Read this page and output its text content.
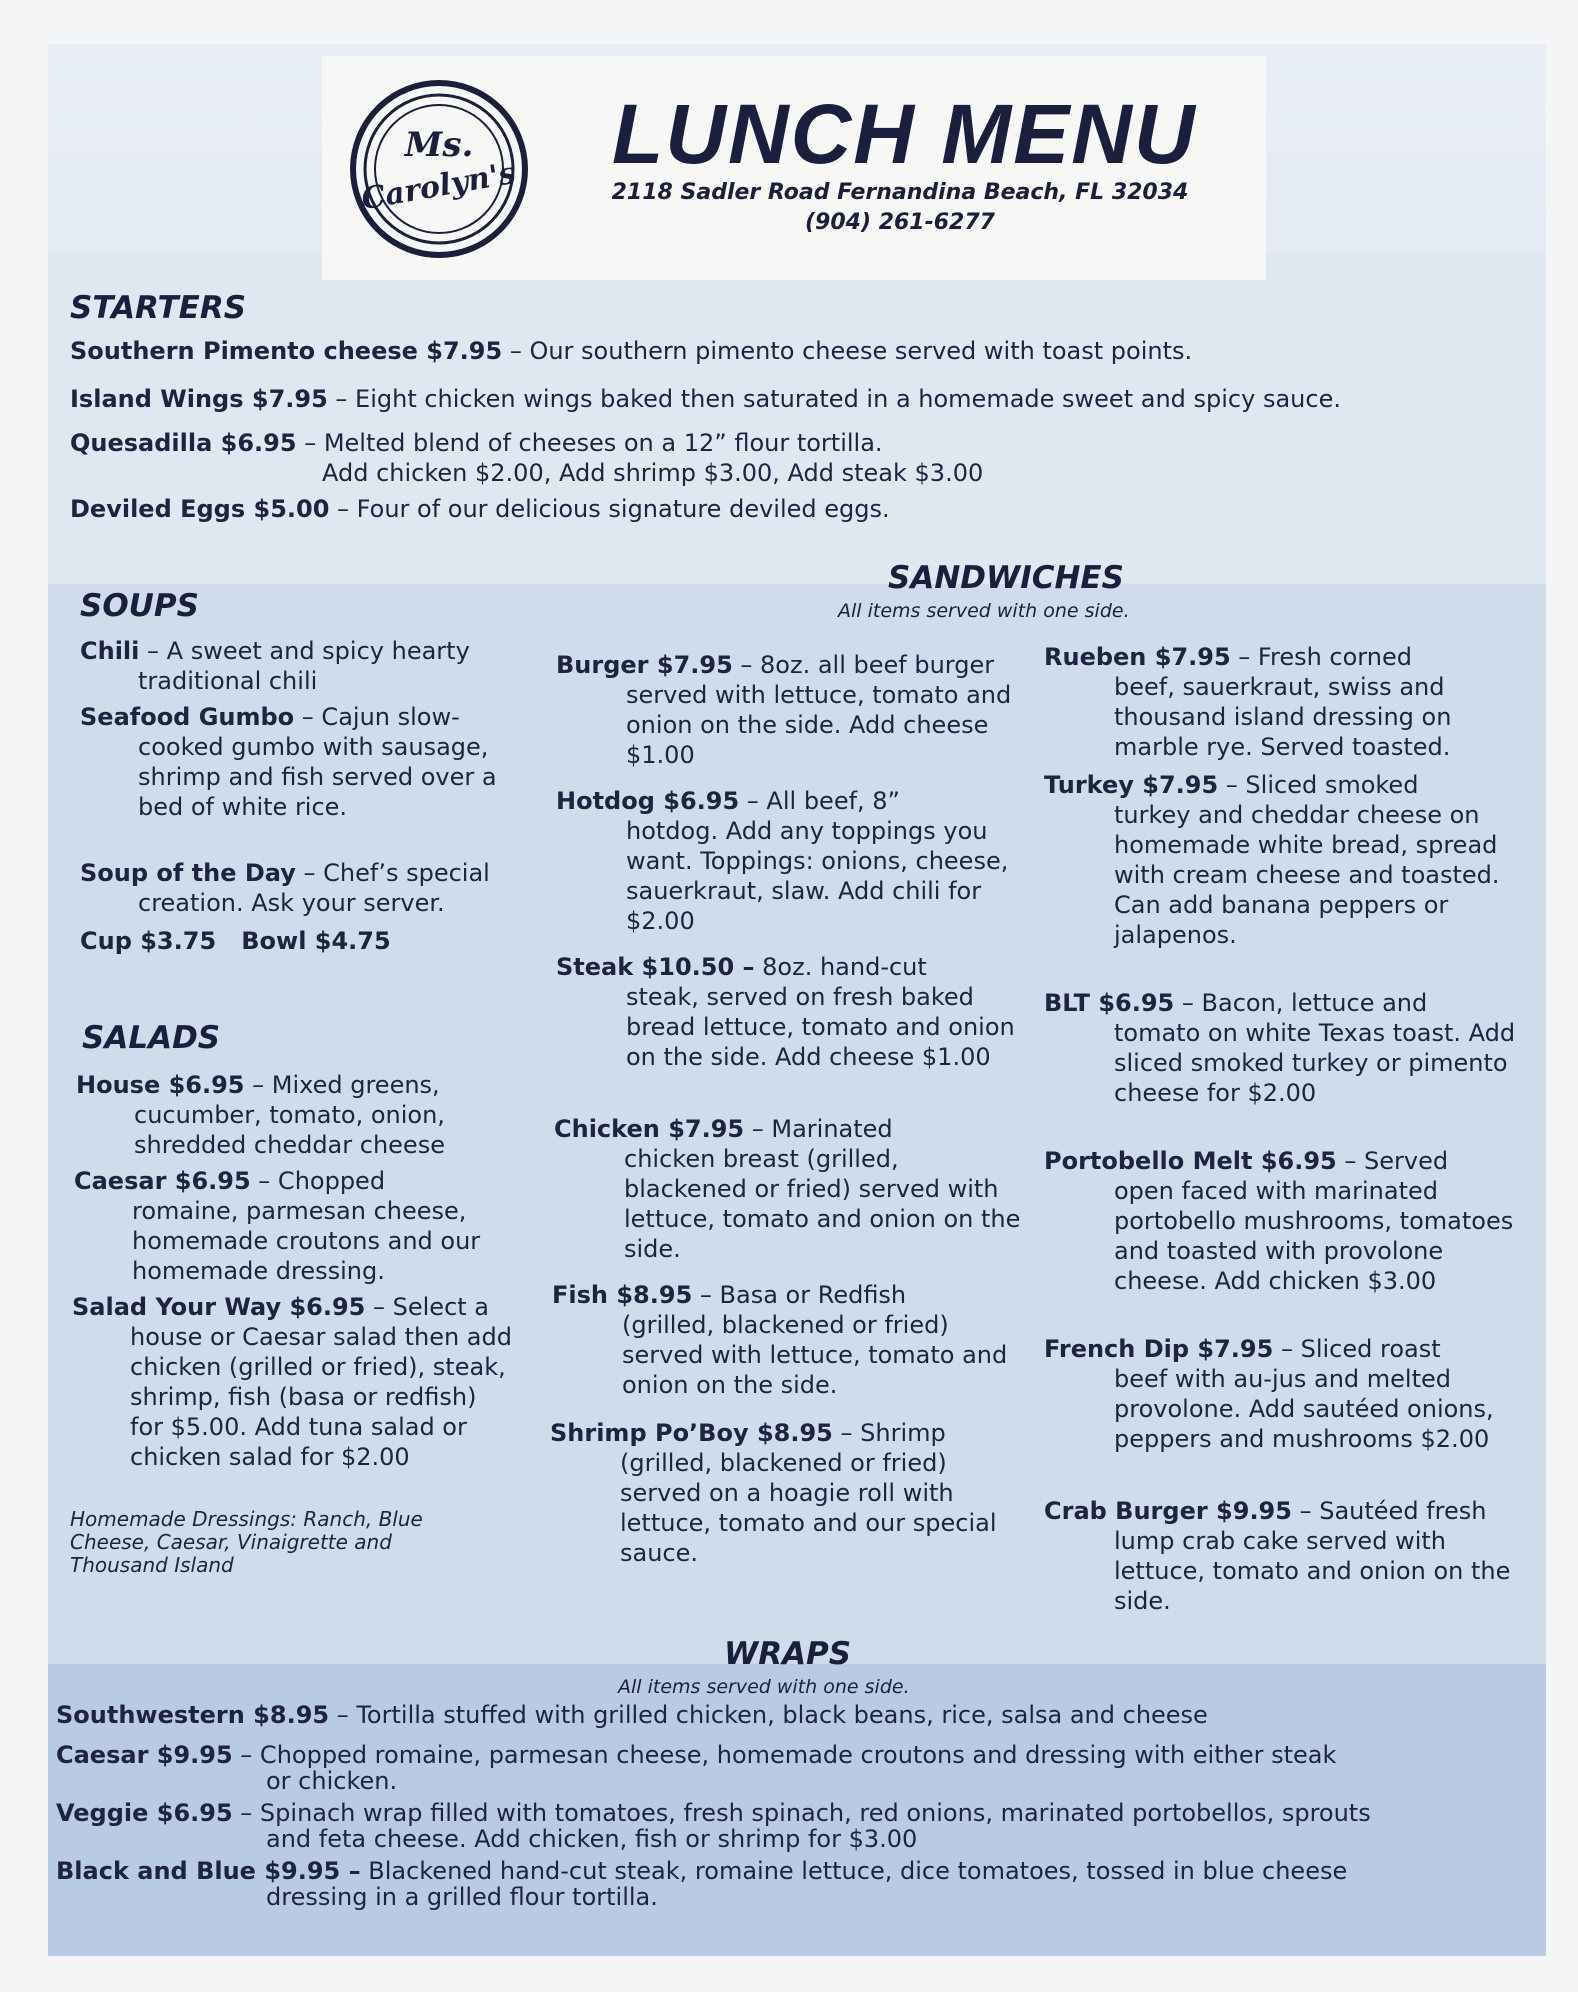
Ms.
Carolyn's
LUNCH MENU
2118 Sadler Road Fernandina Beach, FL 32034
(904) 261-6277
STARTERS
Southern Pimento cheese $7.95 – Our southern pimento cheese served with toast points.
Island Wings $7.95 – Eight chicken wings baked then saturated in a homemade sweet and spicy sauce.
Quesadilla $6.95 – Melted blend of cheeses on a 12” flour tortilla.
Add chicken $2.00, Add shrimp $3.00, Add steak $3.00
Deviled Eggs $5.00 – Four of our delicious signature deviled eggs.
SOUPS
Chili – A sweet and spicy hearty
traditional chili
Seafood Gumbo – Cajun slow-
cooked gumbo with sausage, shrimp and fish served over a bed of white rice.
Soup of the Day – Chef’s special
creation. Ask your server.
Cup $3.75 Bowl $4.75
SALADS
House $6.95 – Mixed greens,
cucumber, tomato, onion, shredded cheddar cheese
Caesar $6.95 – Chopped
romaine, parmesan cheese, homemade croutons and our homemade dressing.
Salad Your Way $6.95 – Select a
house or Caesar salad then add chicken (grilled or fried), steak, shrimp, fish (basa or redfish) for $5.00. Add tuna salad or chicken salad for $2.00
Homemade Dressings: Ranch, Blue Cheese, Caesar, Vinaigrette and Thousand Island
SANDWICHES
All items served with one side.
Burger $7.95 – 8oz. all beef burger
served with lettuce, tomato and onion on the side. Add cheese $1.00
Hotdog $6.95 – All beef, 8”
hotdog. Add any toppings you want. Toppings: onions, cheese, sauerkraut, slaw. Add chili for $2.00
Steak $10.50 – 8oz. hand-cut
steak, served on fresh baked bread lettuce, tomato and onion on the side. Add cheese $1.00
Chicken $7.95 – Marinated
chicken breast (grilled, blackened or fried) served with lettuce, tomato and onion on the side.
Fish $8.95 – Basa or Redfish
(grilled, blackened or fried) served with lettuce, tomato and onion on the side.
Shrimp Po’Boy $8.95 – Shrimp
(grilled, blackened or fried) served on a hoagie roll with lettuce, tomato and our special sauce.
Rueben $7.95 – Fresh corned
beef, sauerkraut, swiss and thousand island dressing on marble rye. Served toasted.
Turkey $7.95 – Sliced smoked
turkey and cheddar cheese on homemade white bread, spread with cream cheese and toasted. Can add banana peppers or jalapenos.
BLT $6.95 – Bacon, lettuce and
tomato on white Texas toast. Add sliced smoked turkey or pimento cheese for $2.00
Portobello Melt $6.95 – Served
open faced with marinated portobello mushrooms, tomatoes and toasted with provolone cheese. Add chicken $3.00
French Dip $7.95 – Sliced roast
beef with au-jus and melted provolone. Add sautéed onions, peppers and mushrooms $2.00
Crab Burger $9.95 – Sautéed fresh
lump crab cake served with lettuce, tomato and onion on the side.
WRAPS
All items served with one side.
Southwestern $8.95 – Tortilla stuffed with grilled chicken, black beans, rice, salsa and cheese
Caesar $9.95 – Chopped romaine, parmesan cheese, homemade croutons and dressing with either steak
or chicken.
Veggie $6.95 – Spinach wrap filled with tomatoes, fresh spinach, red onions, marinated portobellos, sprouts
and feta cheese. Add chicken, fish or shrimp for $3.00
Black and Blue $9.95 – Blackened hand-cut steak, romaine lettuce, dice tomatoes, tossed in blue cheese
dressing in a grilled flour tortilla.
